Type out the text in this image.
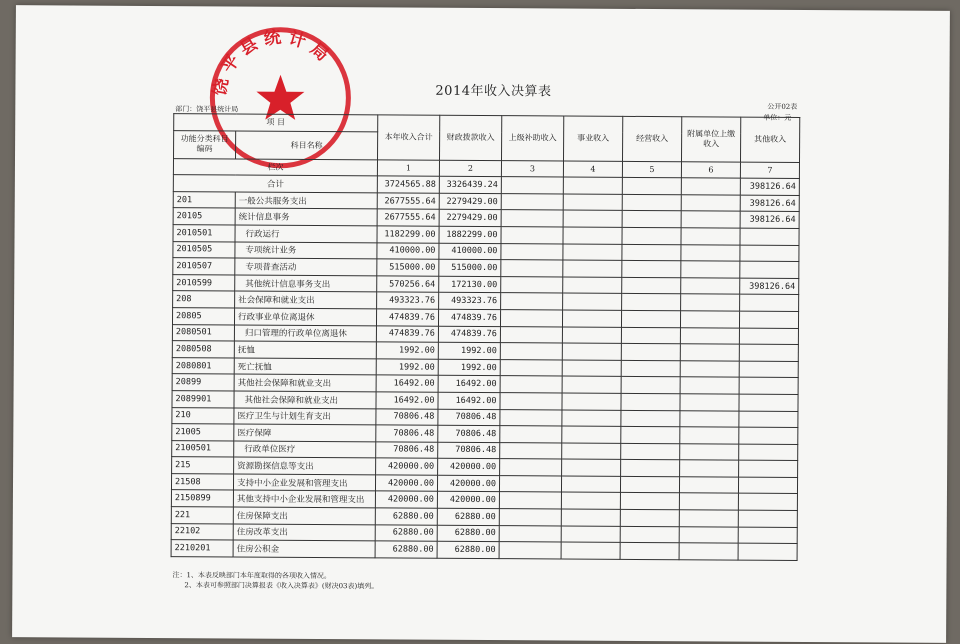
饶 平 县 统 计 局
2014年收入决算表
部门：饶平县统计局	公开02表
单位：元
项 目		本年收入合计	财政拨款收入	上级补助收入	事业收入	经营收入	附属单位上缴收入	其他收入
功能分类科目编码	科目名称							
栏次		1	2	3	4	5	6	7
合计		3724565.88	3326439.24					398126.64
201	一般公共服务支出	2677555.64	2279429.00					398126.64
20105	统计信息事务	2677555.64	2279429.00					398126.64
2010501	行政运行	1182299.00	1882299.00					
2010505	专项统计业务	410000.00	410000.00					
2010507	专项普查活动	515000.00	515000.00					
2010599	其他统计信息事务支出	570256.64	172130.00					398126.64
208	社会保障和就业支出	493323.76	493323.76					
20805	行政事业单位离退休	474839.76	474839.76					
2080501	归口管理的行政单位离退休	474839.76	474839.76					
2080508	抚恤	1992.00	1992.00					
2080801	死亡抚恤	1992.00	1992.00					
20899	其他社会保障和就业支出	16492.00	16492.00					
2089901	其他社会保障和就业支出	16492.00	16492.00					
210	医疗卫生与计划生育支出	70806.48	70806.48					
21005	医疗保障	70806.48	70806.48					
2100501	行政单位医疗	70806.48	70806.48					
215	资源勘探信息等支出	420000.00	420000.00					
21508	支持中小企业发展和管理支出	420000.00	420000.00					
2150899	其他支持中小企业发展和管理支出	420000.00	420000.00					
221	住房保障支出	62880.00	62880.00					
22102	住房改革支出	62880.00	62880.00					
2210201	住房公积金	62880.00	62880.00					
注：1、本表反映部门本年度取得的各项收入情况。
2、本表可参照部门决算报表《收入决算表》(财决03表)填列。
